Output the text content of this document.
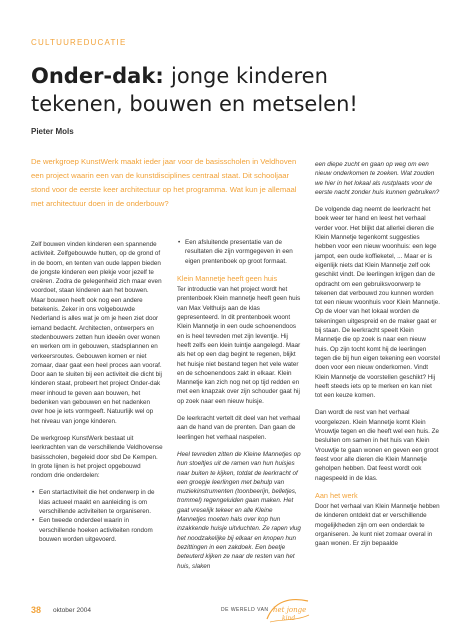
CULTUUREDUCATIE
Onder-dak: jonge kinderen
tekenen, bouwen en metselen!
Pieter Mols
De werkgroep KunstWerk maakt ieder jaar voor de basisscholen in Veldhoven een project waarin een van de kunstdisciplines centraal staat. Dit schooljaar stond voor de eerste keer architectuur op het programma. Wat kun je allemaal met architectuur doen in de onderbouw?

Zelf bouwen vinden kinderen een spannende activiteit. Zelfgebouwde hutten, op de grond of in de boom, en tenten van oude lappen bieden de jongste kinderen een plekje voor jezelf te creëren. Zodra de gelegenheid zich maar even voordoet, staan kinderen aan het bouwen. Maar bouwen heeft ook nog een andere betekenis. Zeker in ons volgebouwde Nederland is alles wat je om je heen ziet door iemand bedacht. Architecten, ontwerpers en stedenbouwers zetten hun ideeën over wonen en werken om in gebouwen, stadsplannen en verkeersroutes. Gebouwen komen er niet zomaar, daar gaat een heel proces aan vooraf. Door aan te sluiten bij een activiteit die dicht bij kinderen staat, probeert het project Onder-dak meer inhoud te geven aan bouwen, het bedenken van gebouwen en het nadenken over hoe je iets vormgeeft. Natuurlijk wel op het niveau van jonge kinderen.

De werkgroep KunstWerk bestaat uit leerkrachten van de verschillende Veldhovense basisscholen, begeleid door sbd De Kempen. In grote lijnen is het project opgebouwd rondom drie onderdelen:

• Een startactiviteit die het onderwerp in de klas actueel maakt en aanleiding is om verschillende activiteiten te organiseren.
• Een tweede onderdeel waarin in verschillende hoeken activiteiten rondom bouwen worden uitgevoerd.
• Een afsluitende presentatie van de resultaten die zijn vormgegeven in een eigen prentenboek op groot formaat.
Klein Mannetje heeft geen huis

Ter introductie van het project wordt het prentenboek Klein mannetje heeft geen huis van Max Velthuijs aan de klas gepresenteerd. In dit prentenboek woont Klein Mannetje in een oude schoenendoos en is heel tevreden met zijn leventje. Hij heeft zelfs een klein tuintje aangelegd. Maar als het op een dag begint te regenen, blijkt het huisje niet bestand tegen het vele water en de schoenendoos zakt in elkaar. Klein Mannetje kan zich nog net op tijd redden en met een knapzak over zijn schouder gaat hij op zoek naar een nieuw huisje.

De leerkracht vertelt dit deel van het verhaal aan de hand van de prenten. Dan gaan de leerlingen het verhaal naspelen.

Heel tevreden zitten de Kleine Mannetjes op hun stoeltjes uit de ramen van hun huisjes naar buiten te kijken, totdat de leerkracht of een groepje leerlingen met behulp van muziekinstrumenten (toonbeerijn, belletjes, trommel) regengeluiden gaan maken. Het gaat vreselijk tekeer en alle Kleine Mannetjes moeten hals over kop hun inzakkende huisje uitvluchten. Ze rapen vlug het noodzakelijke bij elkaar en knopen hun bezittingen in een zakdoek. Een beetje beteuterd kijken ze naar de resten van het huis, slaken

een diepe zucht en gaan op weg om een nieuw onderkomen te zoeken. Wat zouden we hier in het lokaal als rustplaats voor de eerste nacht zonder huis kunnen gebruiken?

De volgende dag neemt de leerkracht het boek weer ter hand en leest het verhaal verder voor. Het blijkt dat allerlei dieren die Klein Mannetje tegenkomt suggesties hebben voor een nieuw woonhuis: een lege jampot, een oude koffieketel, ... Maar er is eigenlijk niets dat Klein Mannetje zelf ook geschikt vindt. De leerlingen krijgen dan de opdracht om een gebruiksvoorwerp te tekenen dat verbouwd zou kunnen worden tot een nieuw woonhuis voor Klein Mannetje. Op de vloer van het lokaal worden de tekeningen uitgespreid en de maker gaat er bij staan. De leerkracht speelt Klein Mannetje die op zoek is naar een nieuw huis. Op zijn tocht komt hij de leerlingen tegen die bij hun eigen tekening een voorstel doen voor een nieuw onderkomen. Vindt Klein Mannetje de voorstellen geschikt? Hij heeft steeds iets op te merken en kan niet tot een keuze komen.

Dan wordt de rest van het verhaal voorgelezen. Klein Mannetje komt Klein Vrouwtje tegen en die heeft wel een huis. Ze besluiten om samen in het huis van Klein Vrouwtje te gaan wonen en geven een groot feest voor alle dieren die Klein Mannetje geholpen hebben. Dat feest wordt ook nagespeeld in de klas.

Aan het werk

Door het verhaal van Klein Mannetje hebben de kinderen ontdekt dat er verschillende mogelijkheden zijn om een onderdak te organiseren. Je kunt niet zomaar overal in gaan wonen. Er zijn bepaalde

38 oktober 2004	DE WERELD VAN het jonge
kind
